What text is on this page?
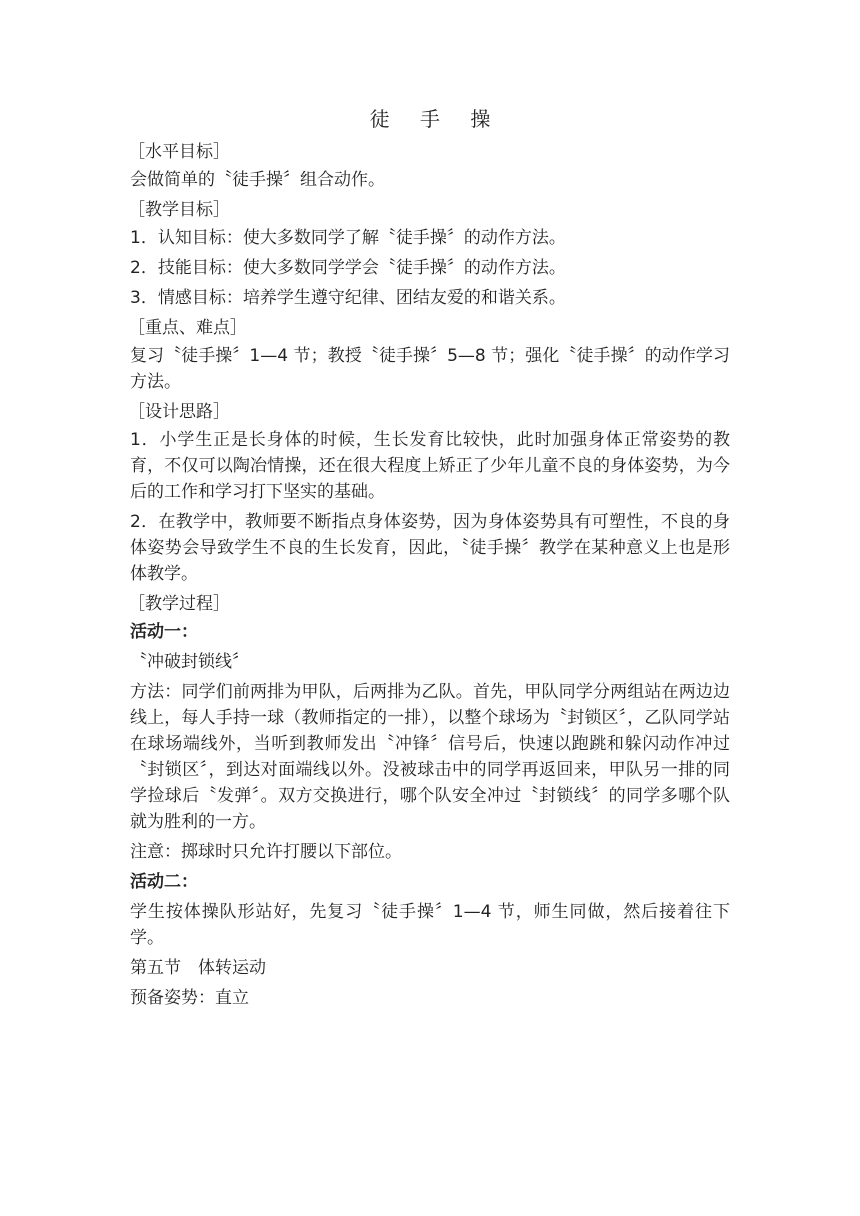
徒 手 操
［水平目标］
会做简单的〝徒手操〞组合动作。
［教学目标］
1．认知目标：使大多数同学了解〝徒手操〞的动作方法。
2．技能目标：使大多数同学学会〝徒手操〞的动作方法。
3．情感目标：培养学生遵守纪律、团结友爱的和谐关系。
［重点、难点］
复习〝徒手操〞1—4 节；教授〝徒手操〞5—8 节；强化〝徒手操〞的动作学习方法。
［设计思路］
1．小学生正是长身体的时候，生长发育比较快，此时加强身体正常姿势的教育，不仅可以陶冶情操，还在很大程度上矫正了少年儿童不良的身体姿势，为今后的工作和学习打下坚实的基础。
2．在教学中，教师要不断指点身体姿势，因为身体姿势具有可塑性，不良的身体姿势会导致学生不良的生长发育，因此，〝徒手操〞教学在某种意义上也是形体教学。
［教学过程］
活动一：
〝冲破封锁线〞
方法：同学们前两排为甲队，后两排为乙队。首先，甲队同学分两组站在两边边线上，每人手持一球（教师指定的一排），以整个球场为〝封锁区〞，乙队同学站在球场端线外，当听到教师发出〝冲锋〞信号后，快速以跑跳和躲闪动作冲过〝封锁区〞，到达对面端线以外。没被球击中的同学再返回来，甲队另一排的同学捡球后〝发弹〞。双方交换进行，哪个队安全冲过〝封锁线〞的同学多哪个队就为胜利的一方。
注意：掷球时只允许打腰以下部位。
活动二：
学生按体操队形站好，先复习〝徒手操〞1—4 节，师生同做，然后接着往下学。
第五节　体转运动
预备姿势：直立
